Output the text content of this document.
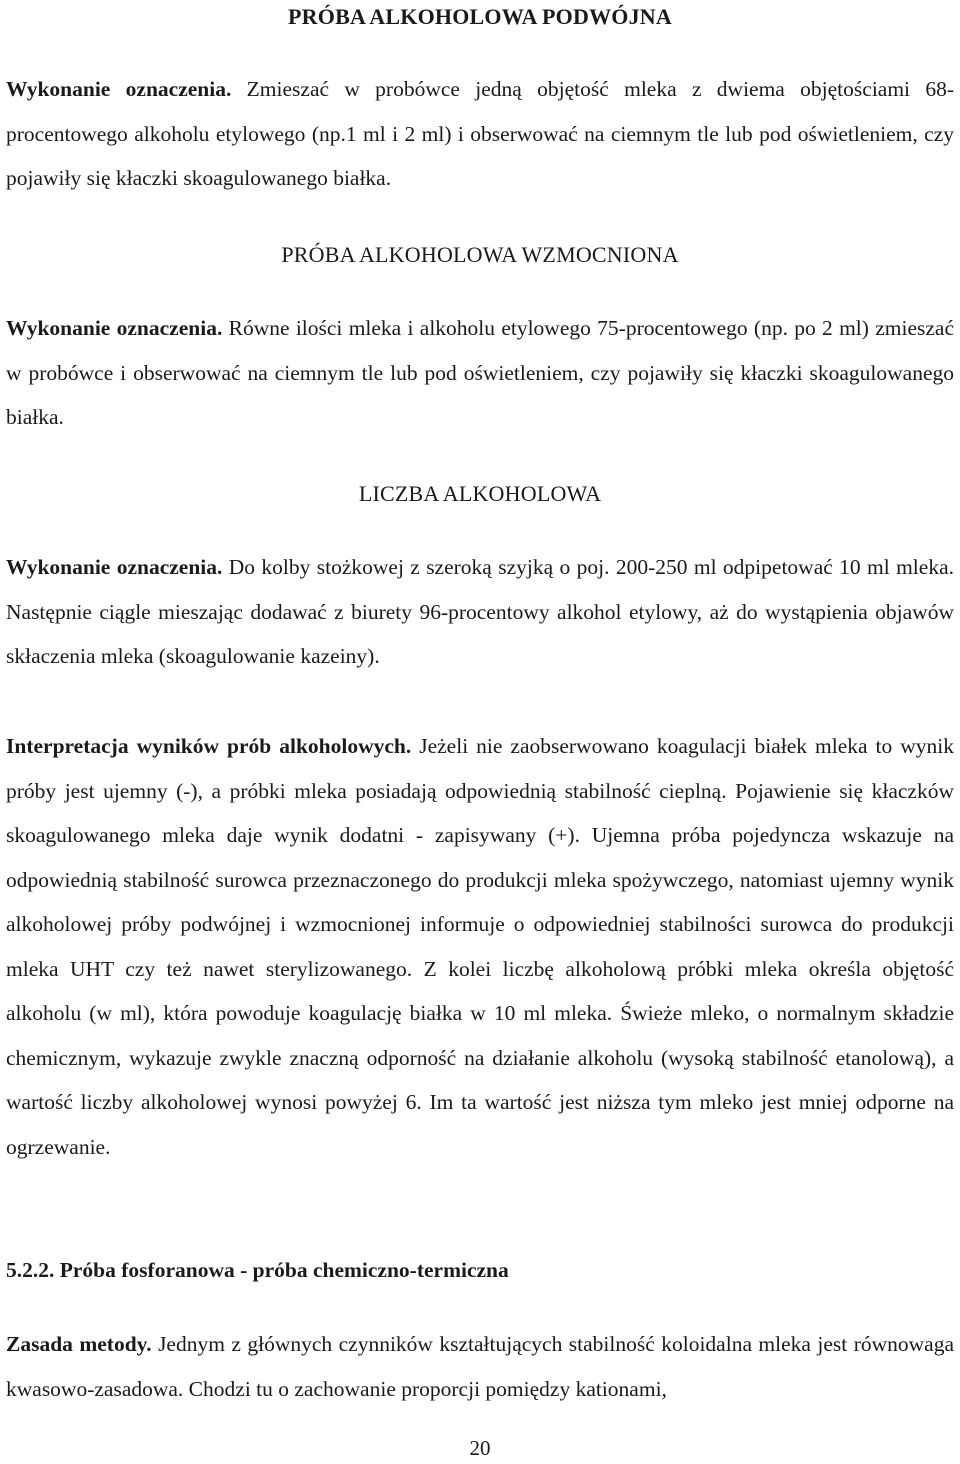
PRÓBA ALKOHOLOWA PODWÓJNA

Wykonanie oznaczenia. Zmieszać w probówce jedną objętość mleka z dwiema objętościami 68-procentowego alkoholu etylowego (np.1 ml i 2 ml) i obserwować na ciemnym tle lub pod oświetleniem, czy pojawiły się kłaczki skoagulowanego białka.

PRÓBA ALKOHOLOWA WZMOCNIONA

Wykonanie oznaczenia. Równe ilości mleka i alkoholu etylowego 75-procentowego (np. po 2 ml) zmieszać w probówce i obserwować na ciemnym tle lub pod oświetleniem, czy pojawiły się kłaczki skoagulowanego białka.

LICZBA ALKOHOLOWA

Wykonanie oznaczenia. Do kolby stożkowej z szeroką szyjką o poj. 200-250 ml odpipetować 10 ml mleka. Następnie ciągle mieszając dodawać z biurety 96-procentowy alkohol etylowy, aż do wystąpienia objawów skłaczenia mleka (skoagulowanie kazeiny).

Interpretacja wyników prób alkoholowych. Jeżeli nie zaobserwowano koagulacji białek mleka to wynik próby jest ujemny (-), a próbki mleka posiadają odpowiednią stabilność cieplną. Pojawienie się kłaczków skoagulowanego mleka daje wynik dodatni - zapisywany (+). Ujemna próba pojedyncza wskazuje na odpowiednią stabilność surowca przeznaczonego do produkcji mleka spożywczego, natomiast ujemny wynik alkoholowej próby podwójnej i wzmocnionej informuje o odpowiedniej stabilności surowca do produkcji mleka UHT czy też nawet sterylizowanego. Z kolei liczbę alkoholową próbki mleka określa objętość alkoholu (w ml), która powoduje koagulację białka w 10 ml mleka. Świeże mleko, o normalnym składzie chemicznym, wykazuje zwykle znaczną odporność na działanie alkoholu (wysoką stabilność etanolową), a wartość liczby alkoholowej wynosi powyżej 6. Im ta wartość jest niższa tym mleko jest mniej odporne na ogrzewanie.

5.2.2. Próba fosforanowa - próba chemiczno-termiczna

Zasada metody. Jednym z głównych czynników kształtujących stabilność koloidalna mleka jest równowaga kwasowo-zasadowa. Chodzi tu o zachowanie proporcji pomiędzy kationami,

20
